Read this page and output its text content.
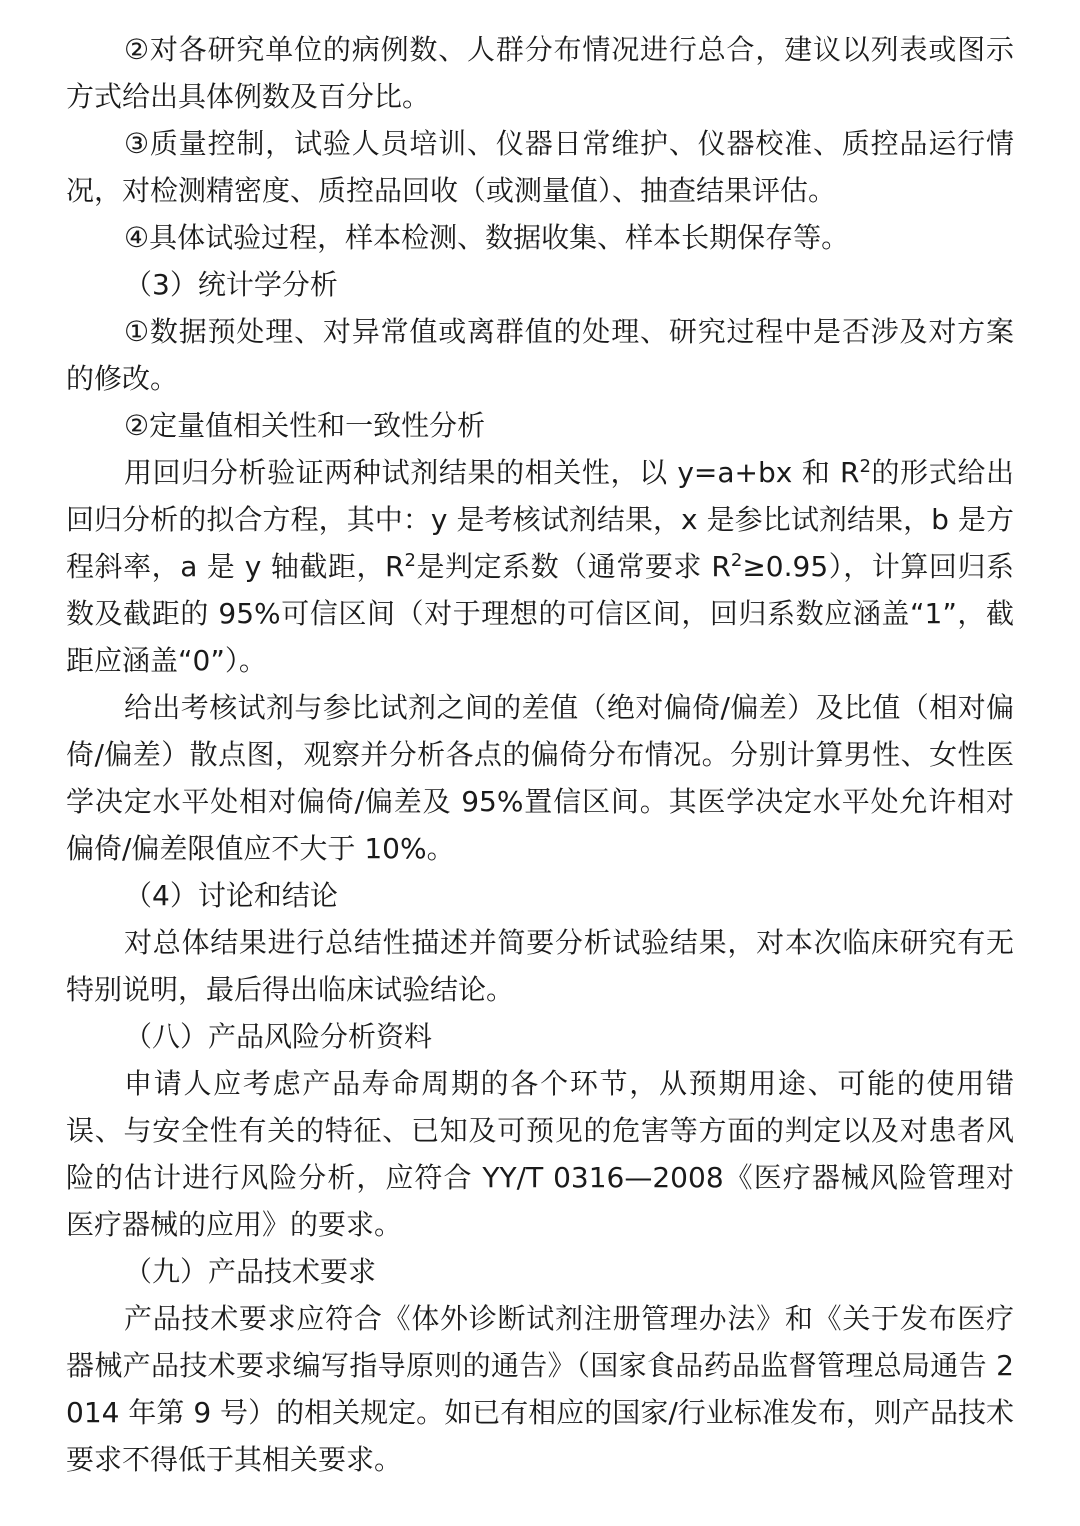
②对各研究单位的病例数、人群分布情况进行总合，建议以列表或图示方式给出具体例数及百分比。

③质量控制，试验人员培训、仪器日常维护、仪器校准、质控品运行情况，对检测精密度、质控品回收（或测量值）、抽查结果评估。

④具体试验过程，样本检测、数据收集、样本长期保存等。

（3）统计学分析

①数据预处理、对异常值或离群值的处理、研究过程中是否涉及对方案的修改。

②定量值相关性和一致性分析

用回归分析验证两种试剂结果的相关性，以 y=a+bx 和 $R^2$的形式给出回归分析的拟合方程，其中：y 是考核试剂结果，x 是参比试剂结果，b 是方程斜率，a 是 y 轴截距，$R^2$是判定系数（通常要求 $R^2\ge 0.95$），计算回归系数及截距的 95%可信区间（对于理想的可信区间，回归系数应涵盖“1”，截距应涵盖“0”）。

给出考核试剂与参比试剂之间的差值（绝对偏倚/偏差）及比值（相对偏倚/偏差）散点图，观察并分析各点的偏倚分布情况。分别计算男性、女性医学决定水平处相对偏倚/偏差及 95%置信区间。其医学决定水平处允许相对偏倚/偏差限值应不大于 10%。

（4）讨论和结论

对总体结果进行总结性描述并简要分析试验结果，对本次临床研究有无特别说明，最后得出临床试验结论。

（八）产品风险分析资料

申请人应考虑产品寿命周期的各个环节，从预期用途、可能的使用错误、与安全性有关的特征、已知及可预见的危害等方面的判定以及对患者风险的估计进行风险分析，应符合 YY/T 0316—2008《医疗器械风险管理对医疗器械的应用》的要求。

（九）产品技术要求

产品技术要求应符合《体外诊断试剂注册管理办法》和《关于发布医疗器械产品技术要求编写指导原则的通告》（国家食品药品监督管理总局通告 2014 年第 9 号）的相关规定。如已有相应的国家/行业标准发布，则产品技术要求不得低于其相关要求。
